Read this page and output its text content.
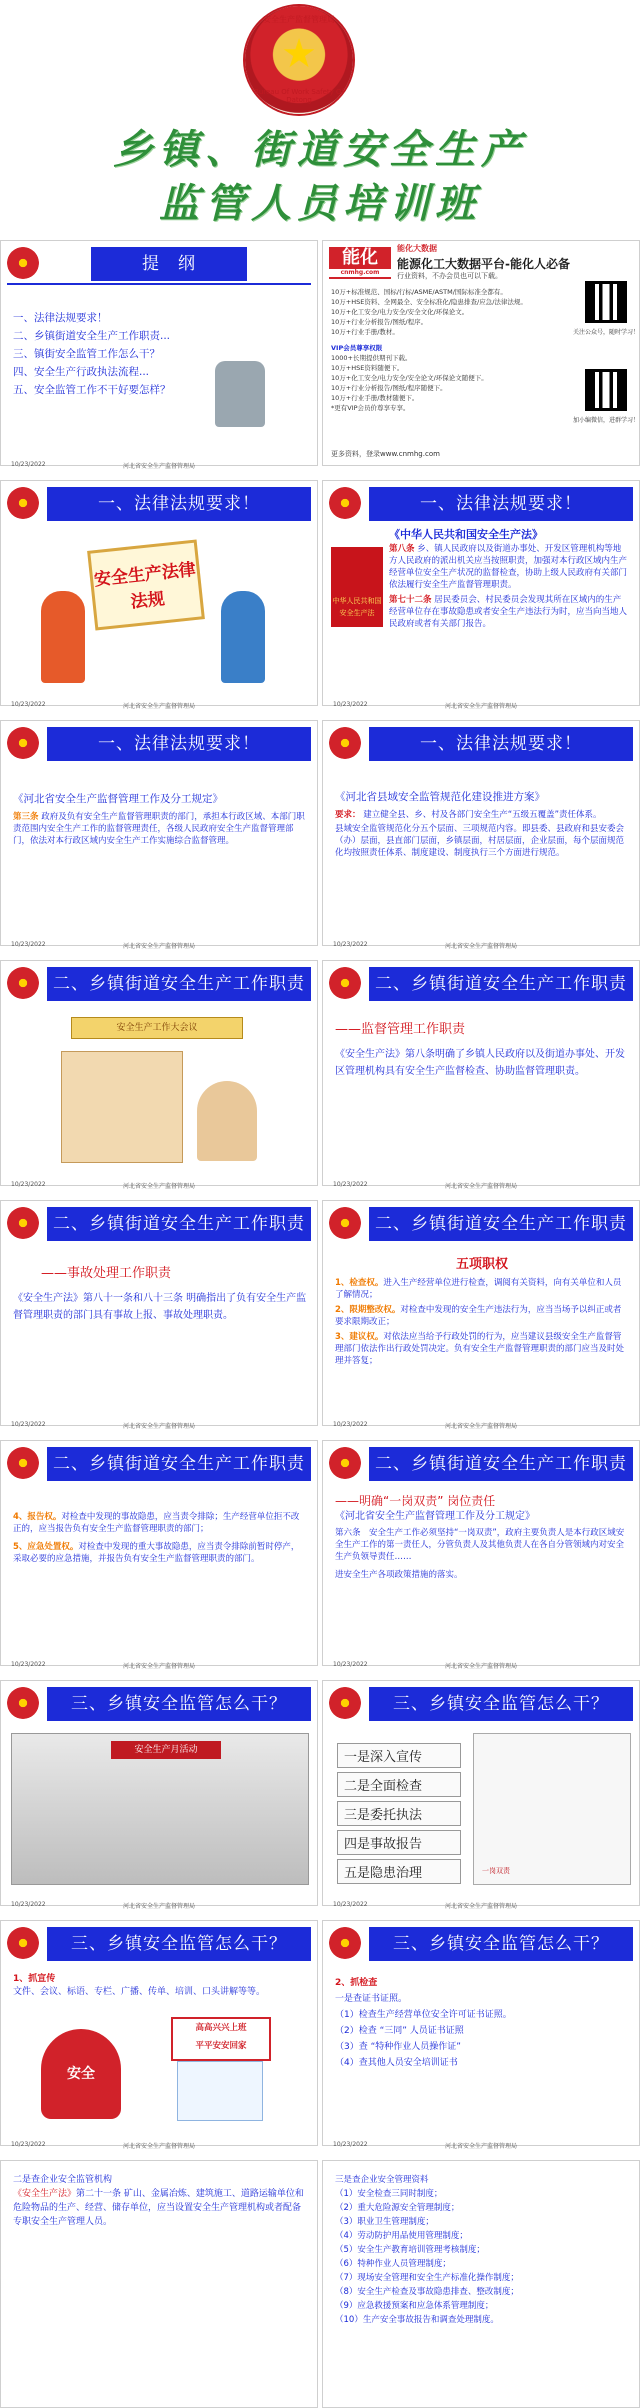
安全生产监督管理局
★
Bureau Of Work Safety Of Datong
乡镇、街道安全生产
监管人员培训班
提　纲
一、法律法规要求！
二、乡镇街道安全生产工作职责...
三、镇街安全监管工作怎么干？
四、安全生产行政执法流程...
五、安全监管工作不干好要怎样？
10/23/2022	河北省安全生产监督管理局
能化
cnmhg.com
能化大数据
能源化工大数据平台-能化人必备
行业资料，不办会员也可以下载。
10万+标准规范、国标/行标/ASME/ASTM/国际标准全都有。
10万+HSE资料、全网最全、安全标准化/隐患排查/应急/法律法规。
10万+化工安全/电力安全/安全文化/环保论文。
10万+行业分析报告/图纸/程序。
10万+行业手册/教材。
VIP会员尊享权限
1000+长期提供期刊下载。
10万+HSE资料随便下。
10万+化工安全/电力安全/安全论文/环保论文随便下。
10万+行业分析报告/图纸/程序随便下。
10万+行业手册/教材随便下。
*更有VIP会员价尊享专享。
关注公众号，随时学习！
加小编微信，进群学习！
更多资料，登录www.cnmhg.com
一、法律法规要求！
安全生产法律法规
10/23/2022	河北省安全生产监督管理局
一、法律法规要求！
《中华人民共和国安全生产法》
中华人民共和国安全生产法
第八条 乡、镇人民政府以及街道办事处、开发区管理机构等地方人民政府的派出机关应当按照职责，加强对本行政区域内生产经营单位安全生产状况的监督检查，协助上级人民政府有关部门依法履行安全生产监督管理职责。
第七十二条 居民委员会、村民委员会发现其所在区域内的生产经营单位存在事故隐患或者安全生产违法行为时，应当向当地人民政府或者有关部门报告。
10/23/2022	河北省安全生产监督管理局
一、法律法规要求！
《河北省安全生产监督管理工作及分工规定》
第三条 政府及负有安全生产监督管理职责的部门，承担本行政区域、本部门职责范围内安全生产工作的监督管理责任，各级人民政府安全生产监督管理部门，依法对本行政区域内安全生产工作实施综合监督管理。
10/23/2022	河北省安全生产监督管理局
一、法律法规要求！
《河北省县域安全监管规范化建设推进方案》
要求： 建立健全县、乡、村及各部门安全生产“五级五覆盖”责任体系。
县域安全监管规范化分五个层面、三项规范内容。即县委、县政府和县安委会（办）层面，县直部门层面，乡镇层面，村居层面，企业层面，每个层面规范化均按照责任体系、制度建设、制度执行三个方面进行规范。
10/23/2022	河北省安全生产监督管理局
二、乡镇街道安全生产工作职责
安全生产工作大会议
10/23/2022	河北省安全生产监督管理局
二、乡镇街道安全生产工作职责
——监督管理工作职责
《安全生产法》第八条明确了乡镇人民政府以及街道办事处、开发区管理机构具有安全生产监督检查、协助监督管理职责。
10/23/2022	河北省安全生产监督管理局
二、乡镇街道安全生产工作职责
——事故处理工作职责
《安全生产法》第八十一条和八十三条 明确指出了负有安全生产监督管理职责的部门具有事故上报、事故处理职责。
10/23/2022	河北省安全生产监督管理局
二、乡镇街道安全生产工作职责
五项职权
1、检查权。进入生产经营单位进行检查，调阅有关资料，向有关单位和人员了解情况；
2、限期整改权。对检查中发现的安全生产违法行为，应当当场予以纠正或者要求限期改正；
3、建议权。对依法应当给予行政处罚的行为，应当建议县级安全生产监督管理部门依法作出行政处罚决定。负有安全生产监督管理职责的部门应当及时处理并答复；
10/23/2022	河北省安全生产监督管理局
二、乡镇街道安全生产工作职责
4、报告权。对检查中发现的事故隐患，应当责令排除；生产经营单位拒不改正的，应当报告负有安全生产监督管理职责的部门；
5、应急处置权。对检查中发现的重大事故隐患，应当责令排除前暂时停产，采取必要的应急措施，并报告负有安全生产监督管理职责的部门。
10/23/2022	河北省安全生产监督管理局
二、乡镇街道安全生产工作职责
——明确“一岗双责” 岗位责任
《河北省安全生产监督管理工作及分工规定》
第六条　安全生产工作必须坚持“一岗双责”，政府主要负责人是本行政区域安全生产工作的第一责任人，分管负责人及其他负责人在各自分管领域内对安全生产负领导责任……
进安全生产各项政策措施的落实。
10/23/2022	河北省安全生产监督管理局
三、乡镇安全监管怎么干？
安全生产月活动
10/23/2022	河北省安全生产监督管理局
三、乡镇安全监管怎么干？
一是深入宣传
二是全面检查
三是委托执法
四是事故报告
五是隐患治理	一岗双责
10/23/2022	河北省安全生产监督管理局
三、乡镇安全监管怎么干？
1、抓宣传
文件、会议、标语、专栏、广播、传单、培训、口头讲解等等。
安全
高高兴兴上班
平平安安回家
10/23/2022	河北省安全生产监督管理局
三、乡镇安全监管怎么干？
2、抓检查
一是查证书证照。
（1）检查生产经营单位安全许可证书证照。
（2）检查 “三同” 人员证书证照
（3）查 “特种作业人员操作证”
（4）查其他人员安全培训证书
10/23/2022	河北省安全生产监督管理局
二是查企业安全监管机构
《安全生产法》第二十一条 矿山、金属冶炼、建筑施工、道路运输单位和危险物品的生产、经营、储存单位，应当设置安全生产管理机构或者配备专职安全生产管理人员。
三是查企业安全管理资料
（1）安全检查三同时制度；
（2）重大危险源安全管理制度；
（3）职业卫生管理制度；
（4）劳动防护用品使用管理制度；
（5）安全生产教育培训管理考核制度；
（6）特种作业人员管理制度；
（7）现场安全管理和安全生产标准化操作制度；
（8）安全生产检查及事故隐患排查、整改制度；
（9）应急救援预案和应急体系管理制度；
（10）生产安全事故报告和调查处理制度。
